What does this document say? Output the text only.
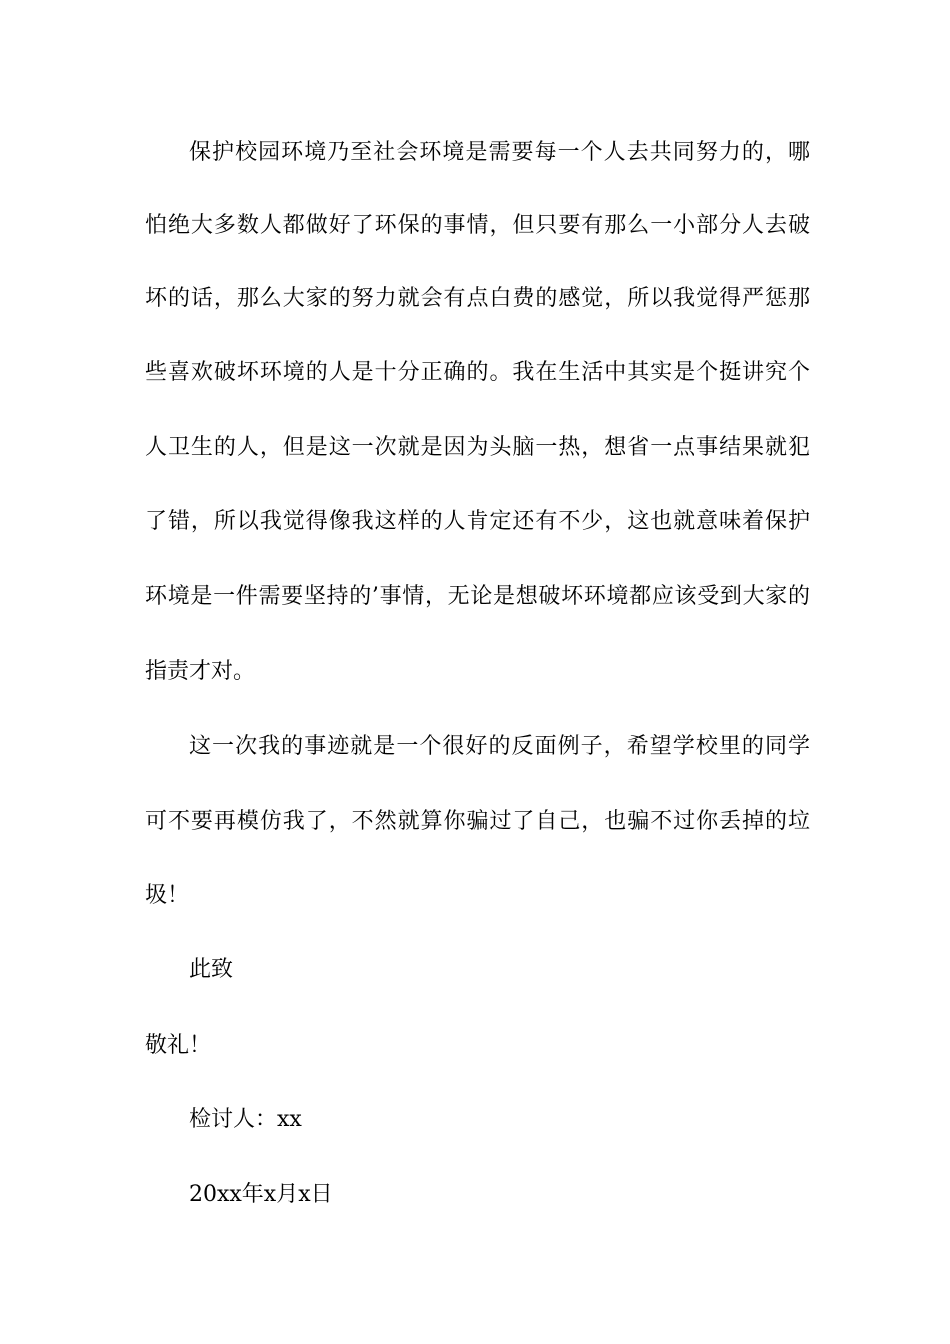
保护校园环境乃至社会环境是需要每一个人去共同努力的，哪
怕绝大多数人都做好了环保的事情，但只要有那么一小部分人去破
坏的话，那么大家的努力就会有点白费的感觉，所以我觉得严惩那
些喜欢破坏环境的人是十分正确的。我在生活中其实是个挺讲究个
人卫生的人，但是这一次就是因为头脑一热，想省一点事结果就犯
了错，所以我觉得像我这样的人肯定还有不少，这也就意味着保护
环境是一件需要坚持的’事情，无论是想破坏环境都应该受到大家的
指责才对。
这一次我的事迹就是一个很好的反面例子，希望学校里的同学
可不要再模仿我了，不然就算你骗过了自己，也骗不过你丢掉的垃
圾！
此致
敬礼！
检讨人：xx
20xx年x月x日
